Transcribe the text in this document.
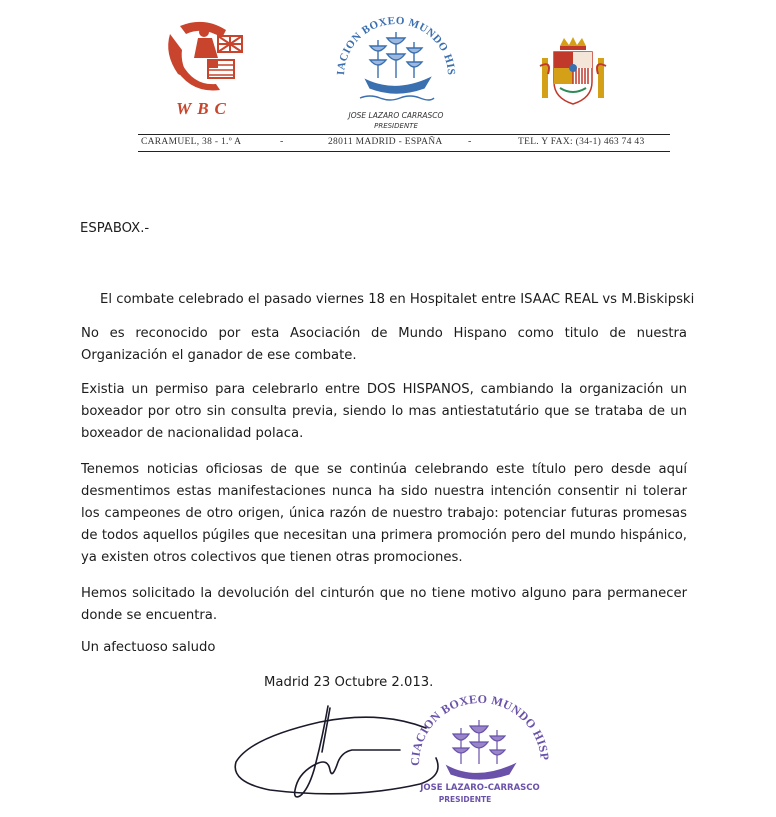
WBC
IACION BOXEO MUNDO HIS
JOSE LAZARO CARRASCO
PRESIDENTE
CARAMUEL, 38 - 1.º A	-	28011 MADRID - ESPAÑA	-	TEL. Y FAX: (34-1) 463 74 43
ESPABOX.-
El combate celebrado el pasado viernes 18 en Hospitalet entre ISAAC REAL vs M.Biskipski
No es reconocido por esta Asociación de Mundo Hispano como titulo de nuestra Organización el ganador de ese combate.
Existia un permiso para celebrarlo entre DOS HISPANOS, cambiando la organización un boxeador por otro sin consulta previa, siendo lo mas antiestatutário que se trataba de un boxeador de nacionalidad polaca.
Tenemos noticias oficiosas de que se continúa celebrando este título pero desde aquí desmentimos estas manifestaciones nunca ha sido nuestra intención consentir ni tolerar los campeones de otro origen, única razón de nuestro trabajo: potenciar futuras promesas de todos aquellos púgiles que necesitan una primera promoción pero del mundo hispánico, ya existen otros colectivos que tienen otras promociones.
Hemos solicitado la devolución del cinturón que no tiene motivo alguno para permanecer donde se encuentra.
Un afectuoso saludo
Madrid 23 Octubre 2.013.
CIACION BOXEO MUNDO HISP
JOSE LAZARO-CARRASCO
PRESIDENTE
